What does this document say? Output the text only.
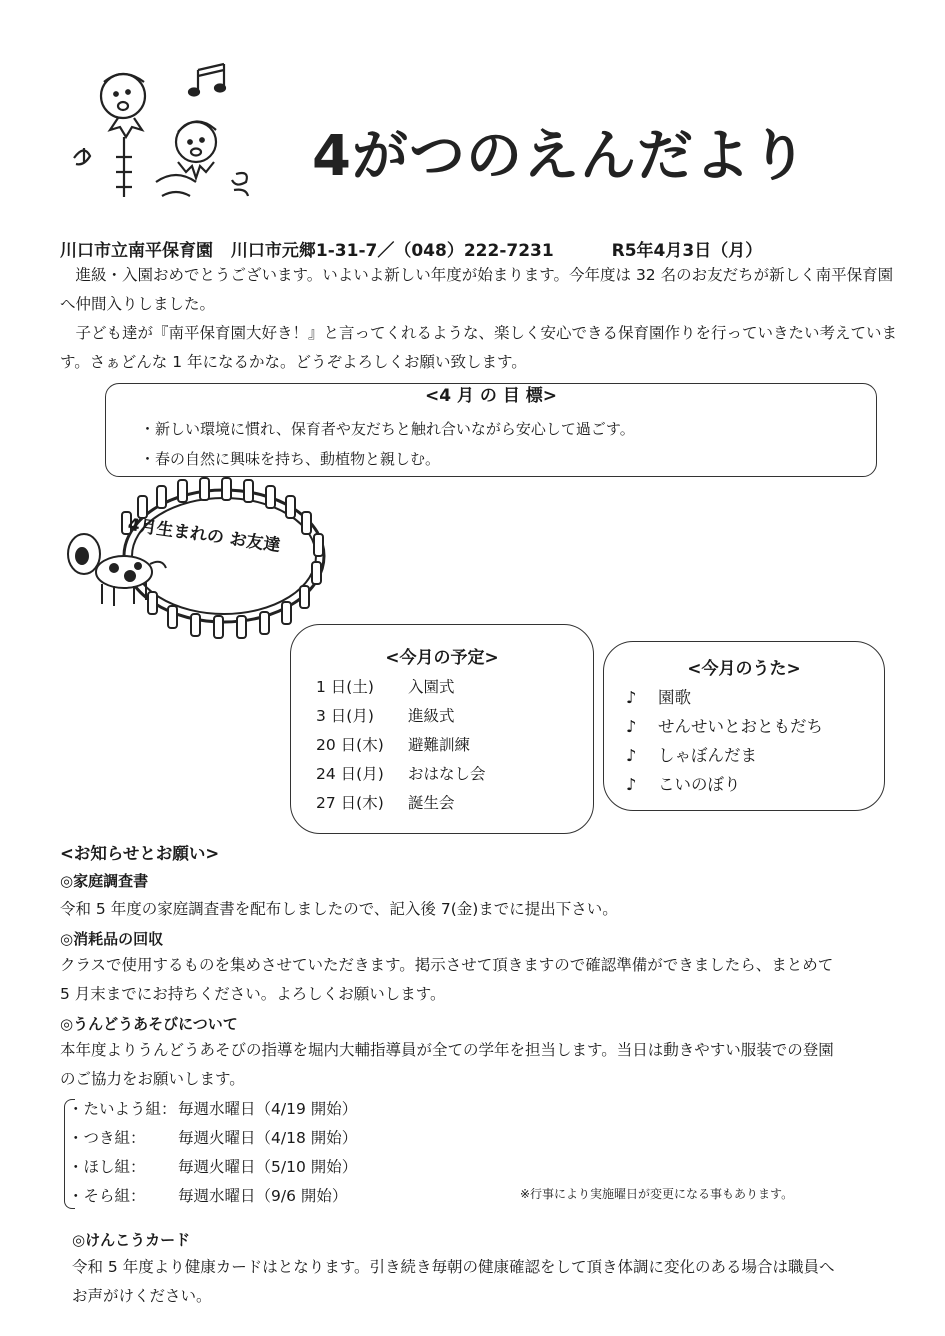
4がつのえんだより
川口市立南平保育園 川口市元郷1-31-7／（048）222-7231	R5年4月3日（月）

進級・入園おめでとうございます。いよいよ新しい年度が始まります。今年度は 32 名のお友だちが新しく南平保育園へ仲間入りしました。

子ども達が『南平保育園大好き！』と言ってくれるような、楽しく安心できる保育園作りを行っていきたい考えています。さぁどんな 1 年になるかな。どうぞよろしくお願い致します。

<4 月 の 目 標>
・新しい環境に慣れ、保育者や友だちと触れ合いながら安心して過ごす。
・春の自然に興味を持ち、動植物と親しむ。
4月生まれの お友達
<今月の予定>
1 日(土) 入園式
3 日(月) 進級式
20 日(木) 避難訓練
24 日(月) おはなし会
27 日(木) 誕生会
<今月のうた>
♪ 園歌
♪ せんせいとおともだち
♪ しゃぼんだま
♪ こいのぼり
<お知らせとお願い>
◎家庭調査書

令和 5 年度の家庭調査書を配布しましたので、記入後 7(金)までに提出下さい。

◎消耗品の回収

クラスで使用するものを集めさせていただきます。掲示させて頂きますので確認準備ができましたら、まとめて

5 月末までにお持ちください。よろしくお願いします。

◎うんどうあそびについて

本年度よりうんどうあそびの指導を堀内大輔指導員が全ての学年を担当します。当日は動きやすい服装での登園

のご協力をお願いします。

・たいよう組：毎週水曜日（4/19 開始）
・つき組： 毎週火曜日（4/18 開始）
・ほし組： 毎週火曜日（5/10 開始）
・そら組： 毎週水曜日（9/6 開始）	※行事により実施曜日が変更になる事もあります。
◎けんこうカード

令和 5 年度より健康カードはとなります。引き続き毎朝の健康確認をして頂き体調に変化のある場合は職員へ

お声がけください。
